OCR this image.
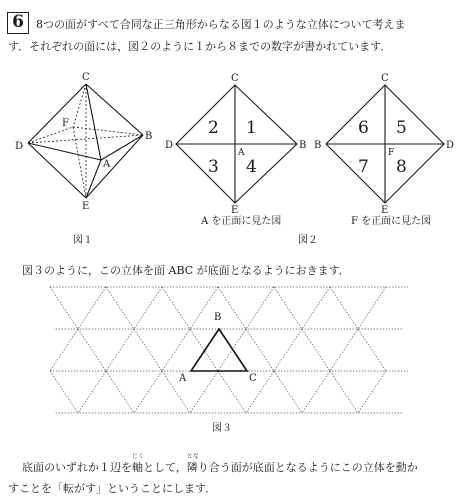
6	8つの面がすべて合同な正三角形からなる図１のような立体について考えま
す．それぞれの面には，図２のように１から８までの数字が書かれています．
図３のように，この立体を面 ABC が底面となるようにおきます．
底面のいずれか１辺を
じく
軸として，
とな
隣り合う面が底面となるようにこの立体を動か
すことを「転がす」ということにします．
C
B
D
A
E
F
図１
C
D	B
E
A
2 1
3 4
A を正面に見た図
図２
C
B	D
E
F
6 5
7 8
F を正面に見た図
B
A	C
図３
